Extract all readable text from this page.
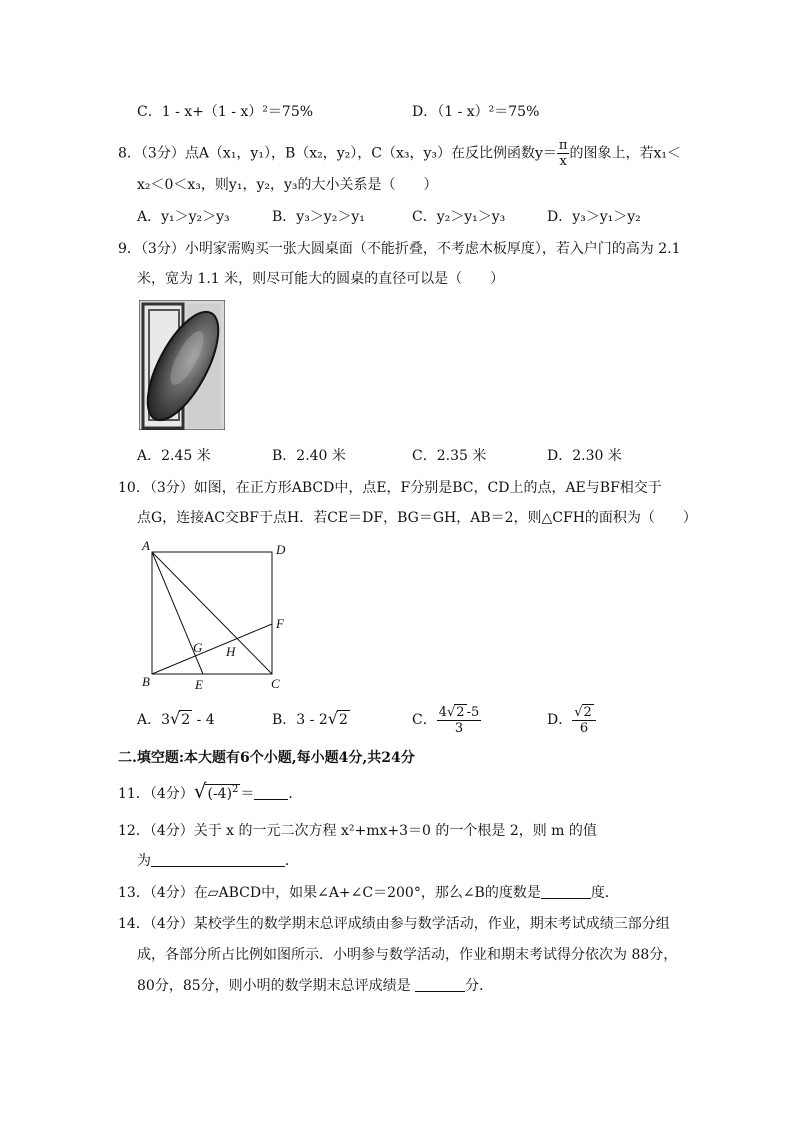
C．1 - x+（1 - x）²＝75%	D．（1 - x）²＝75%
8．（3分）点A（x₁，y₁），B（x₂，y₂），C（x₃，y₃）在反比例函数$y= \frac{\pi}{x}$ 的图象上，若x₁＜
x₂＜0＜x₃，则y₁，y₂，y₃的大小关系是（　　）
A．y₁＞y₂＞y₃	B．y₃＞y₂＞y₁	C．y₂＞y₁＞y₃	D．y₃＞y₁＞y₂
9．（3分）小明家需购买一张大圆桌面（不能折叠，不考虑木板厚度），若入户门的高为 2.1
米，宽为 1.1 米，则尽可能大的圆桌的直径可以是（　　）
A．2.45 米	B．2.40 米	C．2.35 米	D．2.30 米
10．（3分）如图，在正方形ABCD中，点E，F分别是BC，CD上的点，AE与BF相交于
点G，连接AC交BF于点H．若CE＝DF，BG＝GH，AB＝2，则△CFH的面积为（　　）
A	D
B	C
E
F
G H
A．3√2 - 4	B．3 - 2√2	C． $\frac{4√2 -5}{3}$	D． $\frac{√2}{6}$
二.填空题:本大题有6个小题,每小题4分,共24分
11．（4分）$√(-4)^2$ ＝ ．
12．（4分）关于 x 的一元二次方程 x²+mx+3＝0 的一个根是 2，则 m 的值
为	．
13．（4分）在▱ABCD中，如果∠A+∠C＝200°，那么∠B的度数是	度．
14．（4分）某校学生的数学期末总评成绩由参与数学活动，作业，期末考试成绩三部分组
成，各部分所占比例如图所示．小明参与数学活动，作业和期末考试得分依次为 88分，
80分，85分，则小明的数学期末总评成绩是	分．
